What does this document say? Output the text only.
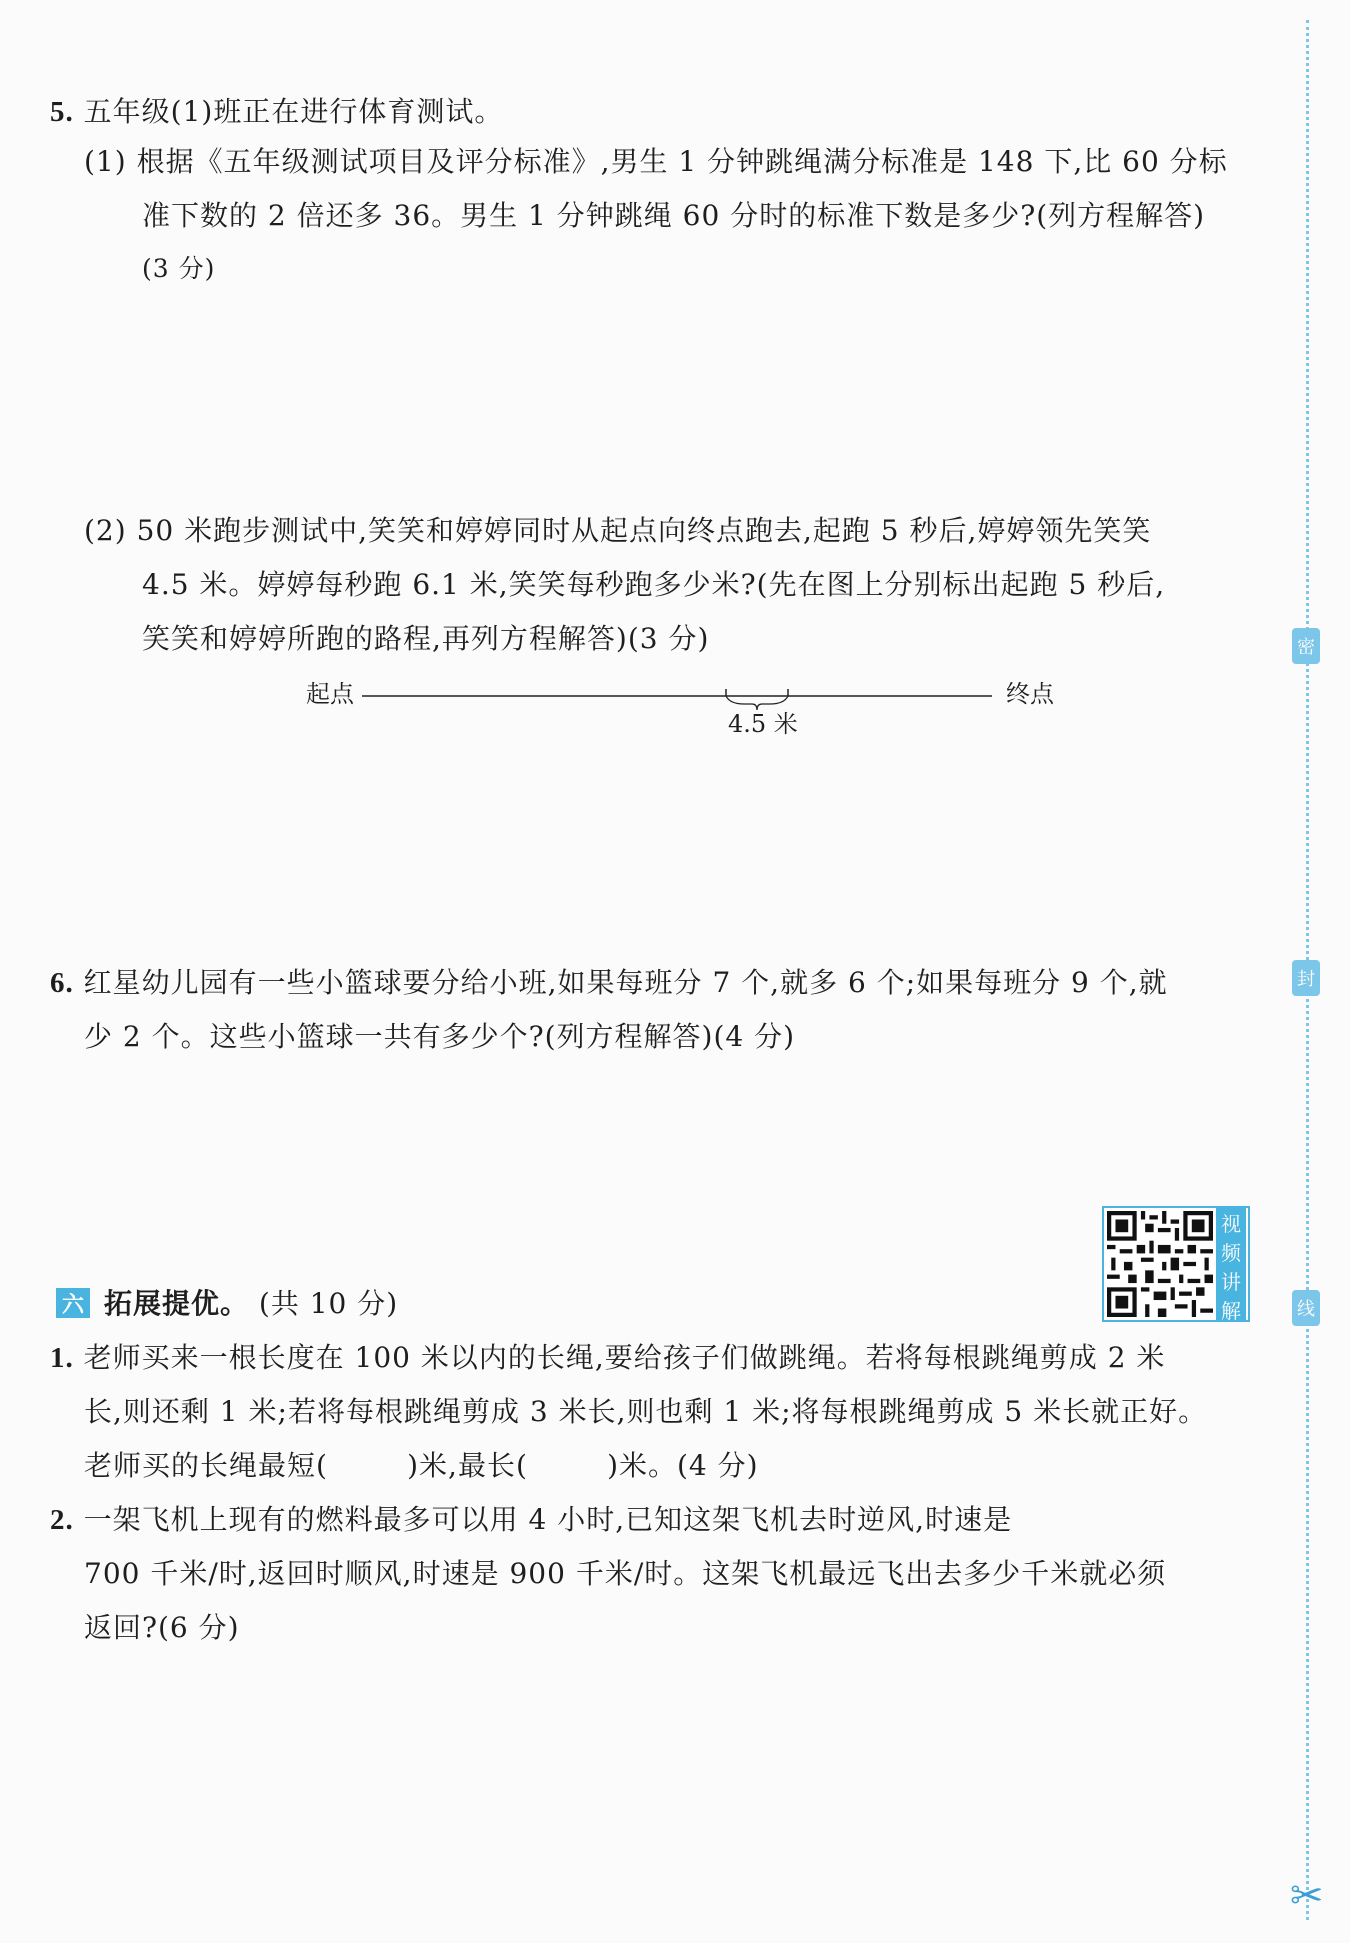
5. 五年级(1)班正在进行体育测试。
(1) 根据《五年级测试项目及评分标准》,男生 1 分钟跳绳满分标准是 148 下,比 60 分标
准下数的 2 倍还多 36。男生 1 分钟跳绳 60 分时的标准下数是多少?(列方程解答)
(3 分)
(2) 50 米跑步测试中,笑笑和婷婷同时从起点向终点跑去,起跑 5 秒后,婷婷领先笑笑
4.5 米。婷婷每秒跑 6.1 米,笑笑每秒跑多少米?(先在图上分别标出起跑 5 秒后,
笑笑和婷婷所跑的路程,再列方程解答)(3 分)
起点	终点
4.5 米
6. 红星幼儿园有一些小篮球要分给小班,如果每班分 7 个,就多 6 个;如果每班分 9 个,就
少 2 个。这些小篮球一共有多少个?(列方程解答)(4 分)
六 拓展提优。 (共 10 分)
1. 老师买来一根长度在 100 米以内的长绳,要给孩子们做跳绳。若将每根跳绳剪成 2 米
长,则还剩 1 米;若将每根跳绳剪成 3 米长,则也剩 1 米;将每根跳绳剪成 5 米长就正好。
老师买的长绳最短(        )米,最长(        )米。(4 分)
2. 一架飞机上现有的燃料最多可以用 4 小时,已知这架飞机去时逆风,时速是
700 千米/时,返回时顺风,时速是 900 千米/时。这架飞机最远飞出去多少千米就必须
返回?(6 分)
视
频
讲
解
密
封
线
✂
